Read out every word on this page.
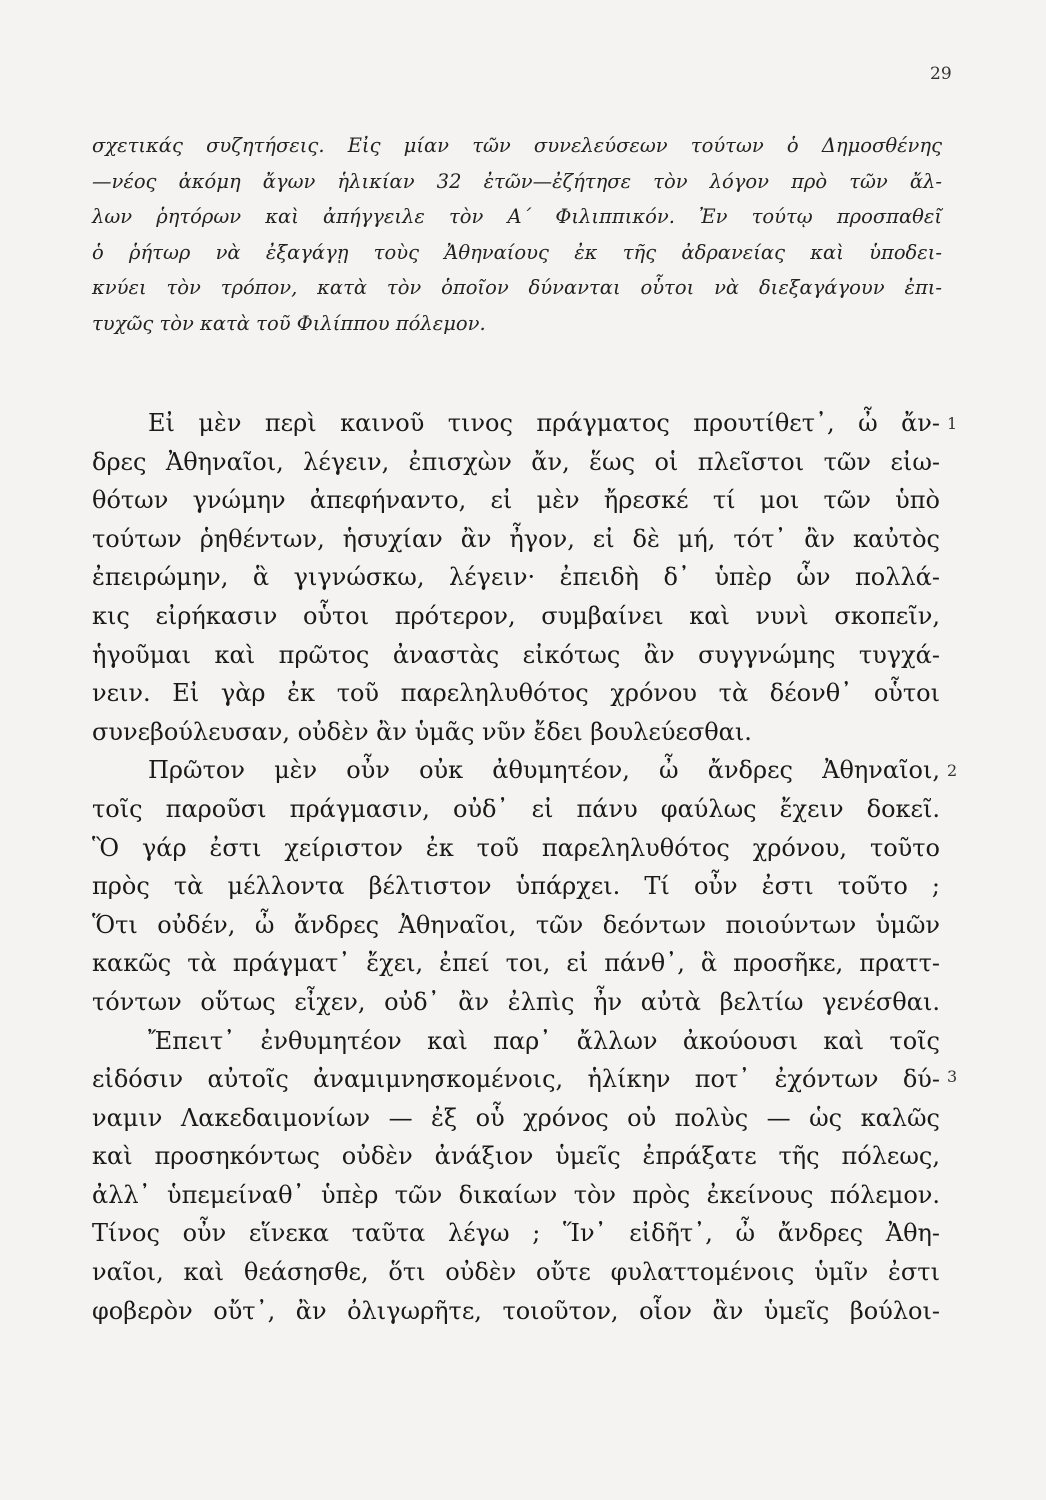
29
σχετικάς συζητήσεις. Εἰς μίαν τῶν συνελεύσεων τούτων ὁ Δημοσθένης
—νέος ἀκόμη ἄγων ἡλικίαν 32 ἐτῶν—ἐζήτησε τὸν λόγον πρὸ τῶν ἄλ-
λων ῥητόρων καὶ ἀπήγγειλε τὸν Α΄ Φιλιππικόν. Ἐν τούτῳ προσπαθεῖ
ὁ ῥήτωρ νὰ ἐξαγάγῃ τοὺς Ἀθηναίους ἐκ τῆς ἀδρανείας καὶ ὑποδει-
κνύει τὸν τρόπον, κατὰ τὸν ὁποῖον δύνανται οὗτοι νὰ διεξαγάγουν ἐπι-
τυχῶς τὸν κατὰ τοῦ Φιλίππου πόλεμον.
Εἰ μὲν περὶ καινοῦ τινος πράγματος προυτίθετ᾽, ὦ ἄν-
δρες Ἀθηναῖοι, λέγειν, ἐπισχὼν ἄν, ἕως οἱ πλεῖστοι τῶν εἰω-
θότων γνώμην ἀπεφήναντο, εἰ μὲν ἤρεσκέ τί μοι τῶν ὑπὸ
τούτων ῥηθέντων, ἡσυχίαν ἂν ἦγον, εἰ δὲ μή, τότ᾽ ἂν καὐτὸς
ἐπειρώμην, ἃ γιγνώσκω, λέγειν· ἐπειδὴ δ᾽ ὑπὲρ ὧν πολλά-
κις εἰρήκασιν οὗτοι πρότερον, συμβαίνει καὶ νυνὶ σκοπεῖν,
ἡγοῦμαι καὶ πρῶτος ἀναστὰς εἰκότως ἂν συγγνώμης τυγχά-
νειν. Εἰ γὰρ ἐκ τοῦ παρεληλυθότος χρόνου τὰ δέονθ᾽ οὗτοι
συνεβούλευσαν, οὐδὲν ἂν ὑμᾶς νῦν ἔδει βουλεύεσθαι.
Πρῶτον μὲν οὖν οὐκ ἀθυμητέον, ὦ ἄνδρες Ἀθηναῖοι,
τοῖς παροῦσι πράγμασιν, οὐδ᾽ εἰ πάνυ φαύλως ἔχειν δοκεῖ.
Ὃ γάρ ἐστι χείριστον ἐκ τοῦ παρεληλυθότος χρόνου, τοῦτο
πρὸς τὰ μέλλοντα βέλτιστον ὑπάρχει. Τί οὖν ἐστι τοῦτο ;
Ὅτι οὐδέν, ὦ ἄνδρες Ἀθηναῖοι, τῶν δεόντων ποιούντων ὑμῶν
κακῶς τὰ πράγματ᾽ ἔχει, ἐπεί τοι, εἰ πάνθ᾽, ἃ προσῆκε, πραττ-
τόντων οὕτως εἶχεν, οὐδ᾽ ἂν ἐλπὶς ἦν αὐτὰ βελτίω γενέσθαι.
Ἔπειτ᾽ ἐνθυμητέον καὶ παρ᾽ ἄλλων ἀκούουσι καὶ τοῖς
εἰδόσιν αὐτοῖς ἀναμιμνησκομένοις, ἡλίκην ποτ᾽ ἐχόντων δύ-
ναμιν Λακεδαιμονίων — ἐξ οὗ χρόνος οὐ πολὺς — ὡς καλῶς
καὶ προσηκόντως οὐδὲν ἀνάξιον ὑμεῖς ἐπράξατε τῆς πόλεως,
ἀλλ᾽ ὑπεμείναθ᾽ ὑπὲρ τῶν δικαίων τὸν πρὸς ἐκείνους πόλεμον.
Τίνος οὖν εἵνεκα ταῦτα λέγω ; Ἵν᾽ εἰδῆτ᾽, ὦ ἄνδρες Ἀθη-
ναῖοι, καὶ θεάσησθε, ὅτι οὐδὲν οὔτε φυλαττομένοις ὑμῖν ἐστι
φοβερὸν οὔτ᾽, ἂν ὀλιγωρῆτε, τοιοῦτον, οἷον ἂν ὑμεῖς βούλοι-
1
2
3
